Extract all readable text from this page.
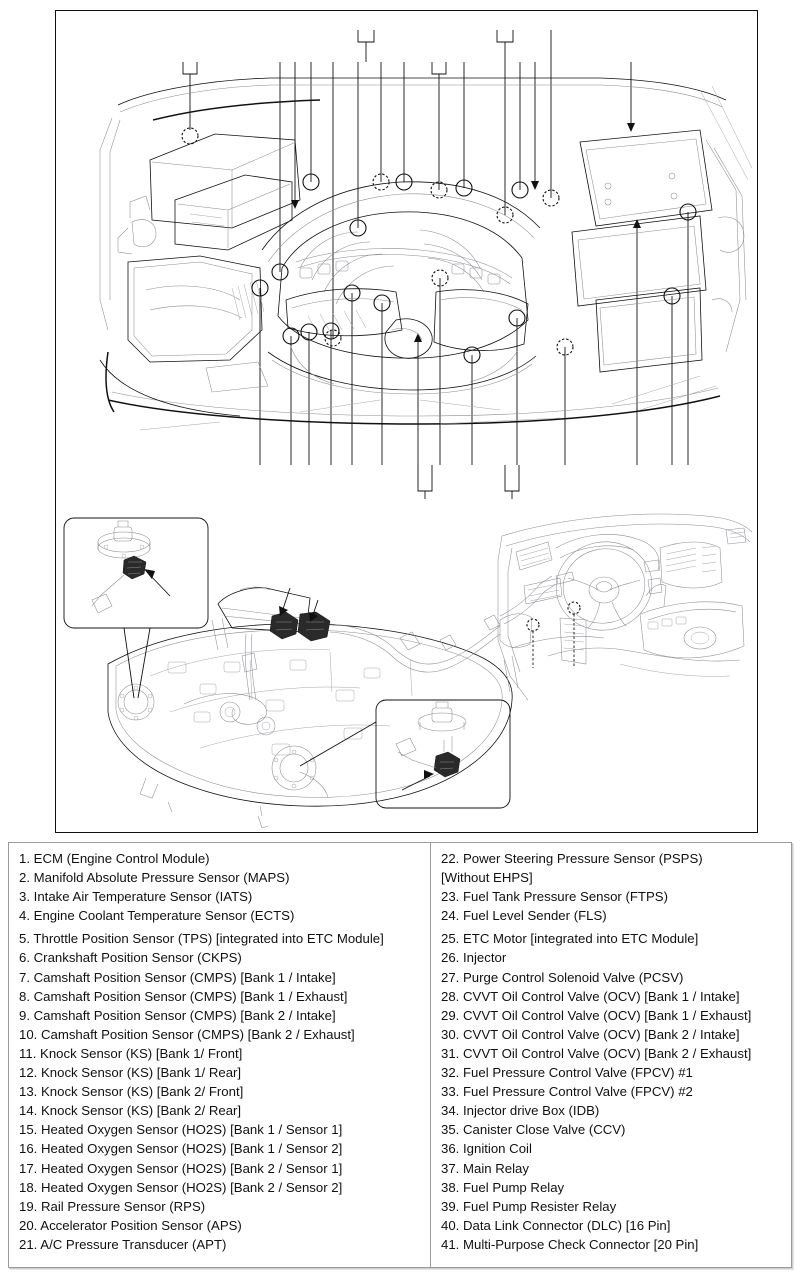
1. ECM (Engine Control Module)
2. Manifold Absolute Pressure Sensor (MAPS)
3. Intake Air Temperature Sensor (IATS)
4. Engine Coolant Temperature Sensor (ECTS)
5. Throttle Position Sensor (TPS) [integrated into ETC Module]
6. Crankshaft Position Sensor (CKPS)
7. Camshaft Position Sensor (CMPS) [Bank 1 / Intake]
8. Camshaft Position Sensor (CMPS) [Bank 1 / Exhaust]
9. Camshaft Position Sensor (CMPS) [Bank 2 / Intake]
10. Camshaft Position Sensor (CMPS) [Bank 2 / Exhaust]
11. Knock Sensor (KS) [Bank 1/ Front]
12. Knock Sensor (KS) [Bank 1/ Rear]
13. Knock Sensor (KS) [Bank 2/ Front]
14. Knock Sensor (KS) [Bank 2/ Rear]
15. Heated Oxygen Sensor (HO2S) [Bank 1 / Sensor 1]
16. Heated Oxygen Sensor (HO2S) [Bank 1 / Sensor 2]
17. Heated Oxygen Sensor (HO2S) [Bank 2 / Sensor 1]
18. Heated Oxygen Sensor (HO2S) [Bank 2 / Sensor 2]
19. Rail Pressure Sensor (RPS)
20. Accelerator Position Sensor (APS)
21. A/C Pressure Transducer (APT)
22. Power Steering Pressure Sensor (PSPS)
[Without EHPS]
23. Fuel Tank Pressure Sensor (FTPS)
24. Fuel Level Sender (FLS)
25. ETC Motor [integrated into ETC Module]
26. Injector
27. Purge Control Solenoid Valve (PCSV)
28. CVVT Oil Control Valve (OCV) [Bank 1 / Intake]
29. CVVT Oil Control Valve (OCV) [Bank 1 / Exhaust]
30. CVVT Oil Control Valve (OCV) [Bank 2 / Intake]
31. CVVT Oil Control Valve (OCV) [Bank 2 / Exhaust]
32. Fuel Pressure Control Valve (FPCV) #1
33. Fuel Pressure Control Valve (FPCV) #2
34. Injector drive Box (IDB)
35. Canister Close Valve (CCV)
36. Ignition Coil
37. Main Relay
38. Fuel Pump Relay
39. Fuel Pump Resister Relay
40. Data Link Connector (DLC) [16 Pin]
41. Multi-Purpose Check Connector [20 Pin]
